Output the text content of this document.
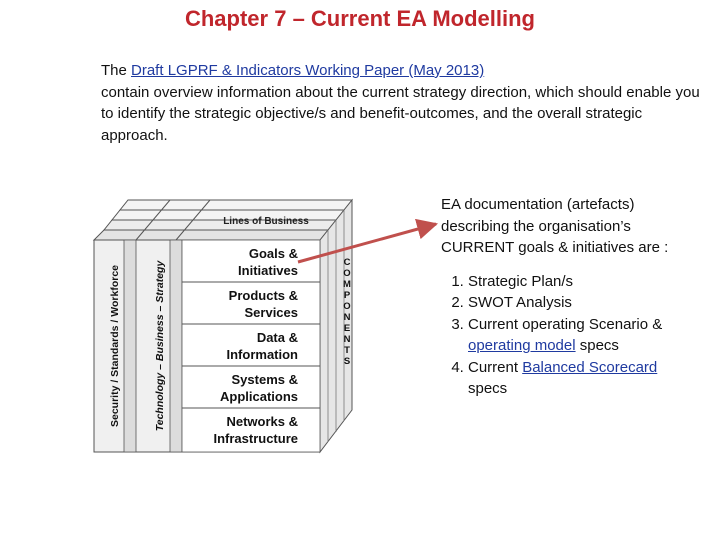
Chapter 7 – Current EA Modelling
The Draft LGPRF & Indicators Working Paper (May 2013)
contain overview information about the current strategy direction, which should enable you to identify the strategic objective/s and benefit-outcomes, and the overall strategic approach.
Lines of Business
Goals &
Initiatives
Products &
Services
Data &
Information
Systems &
Applications
Networks &
Infrastructure
Security / Standards / Workforce	Technology – Business – Strategy	C
O
M
P
O
N
E
N
T
S
EA documentation (artefacts) describing the organisation’s CURRENT goals & initiatives are :
1. Strategic Plan/s
2. SWOT Analysis
3. Current operating Scenario & operating model specs
4. Current Balanced Scorecard specs
